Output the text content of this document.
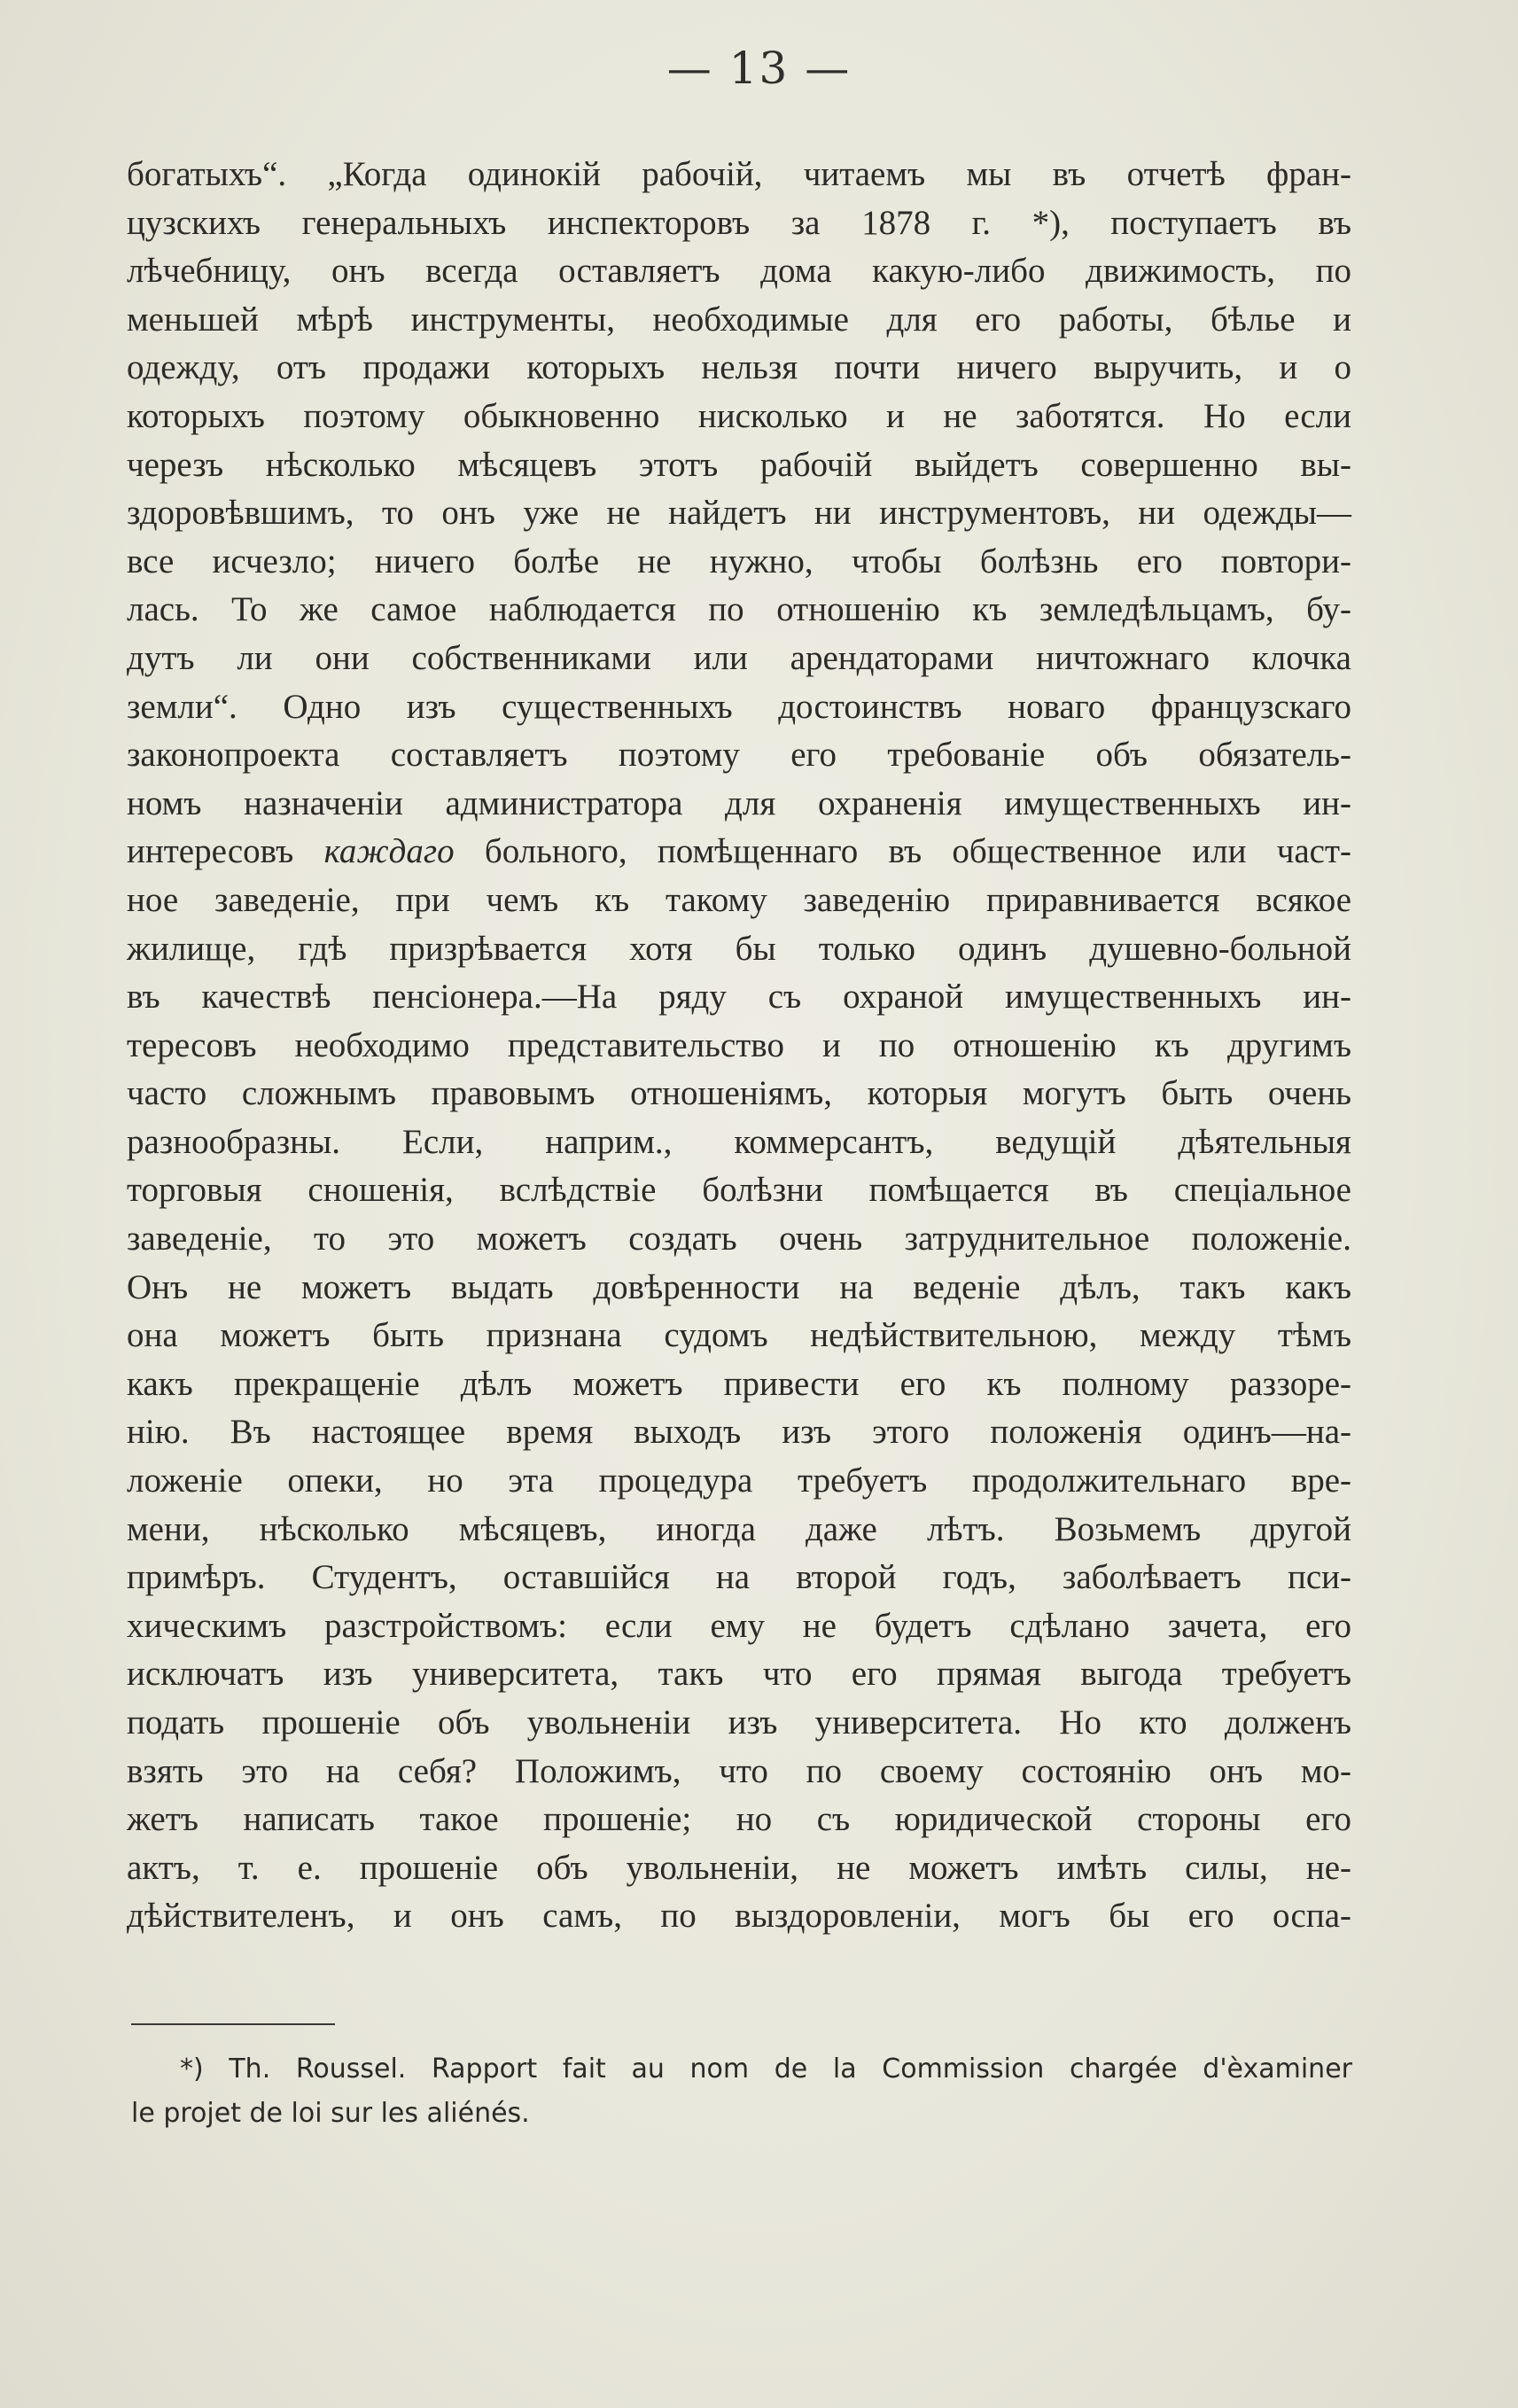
— 13 —
богатыхъ“. „Когда одинокій рабочій, читаемъ мы въ отчетѣ фран-
цузскихъ генеральныхъ инспекторовъ за 1878 г. *), поступаетъ въ
лѣчебницу, онъ всегда оставляетъ дома какую-либо движимость, по
меньшей мѣрѣ инструменты, необходимые для его работы, бѣлье и
одежду, отъ продажи которыхъ нельзя почти ничего выручить, и о
которыхъ поэтому обыкновенно нисколько и не заботятся. Но если
черезъ нѣсколько мѣсяцевъ этотъ рабочій выйдетъ совершенно вы-
здоровѣвшимъ, то онъ уже не найдетъ ни инструментовъ, ни одежды—
все исчезло; ничего болѣе не нужно, чтобы болѣзнь его повтори-
лась. То же самое наблюдается по отношенію къ земледѣльцамъ, бу-
дутъ ли они собственниками или арендаторами ничтожнаго клочка
земли“. Одно изъ существенныхъ достоинствъ новаго французскаго
законопроекта составляетъ поэтому его требованіе объ обязатель-
номъ назначеніи администратора для охраненія имущественныхъ ин-
интересовъ каждаго больного, помѣщеннаго въ общественное или част-
ное заведеніе, при чемъ къ такому заведенію приравнивается всякое
жилище, гдѣ призрѣвается хотя бы только одинъ душевно-больной
въ качествѣ пенсіонера.—На ряду съ охраной имущественныхъ ин-
тересовъ необходимо представительство и по отношенію къ другимъ
часто сложнымъ правовымъ отношеніямъ, которыя могутъ быть очень
разнообразны. Если, наприм., коммерсантъ, ведущій дѣятельныя
торговыя сношенія, вслѣдствіе болѣзни помѣщается въ спеціальное
заведеніе, то это можетъ создать очень затруднительное положеніе.
Онъ не можетъ выдать довѣренности на веденіе дѣлъ, такъ какъ
она можетъ быть признана судомъ недѣйствительною, между тѣмъ
какъ прекращеніе дѣлъ можетъ привести его къ полному раззоре-
нію. Въ настоящее время выходъ изъ этого положенія одинъ—на-
ложеніе опеки, но эта процедура требуетъ продолжительнаго вре-
мени, нѣсколько мѣсяцевъ, иногда даже лѣтъ. Возьмемъ другой
примѣръ. Студентъ, оставшійся на второй годъ, заболѣваетъ пси-
хическимъ разстройствомъ: если ему не будетъ сдѣлано зачета, его
исключатъ изъ университета, такъ что его прямая выгода требуетъ
подать прошеніе объ увольненіи изъ университета. Но кто долженъ
взять это на себя? Положимъ, что по своему состоянію онъ мо-
жетъ написать такое прошеніе; но съ юридической стороны его
актъ, т. е. прошеніе объ увольненіи, не можетъ имѣть силы, не-
дѣйствителенъ, и онъ самъ, по выздоровленіи, могъ бы его оспа-
*) Th. Roussel. Rapport fait au nom de la Commission chargée d'èxaminer
le projet de loi sur les aliénés.
